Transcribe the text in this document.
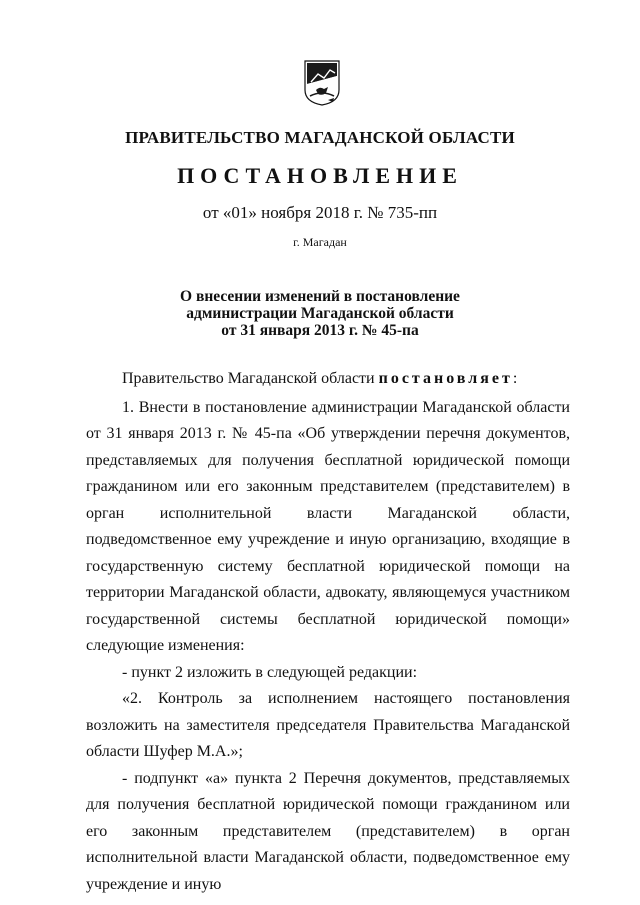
ПРАВИТЕЛЬСТВО МАГАДАНСКОЙ ОБЛАСТИ
ПОСТАНОВЛЕНИЕ
от «01» ноября 2018 г. № 735-пп
г. Магадан
О внесении изменений в постановление
администрации Магаданской области
от 31 января 2013 г. № 45-па

Правительство Магаданской области постановляет:

1. Внести в постановление администрации Магаданской области от 31 января 2013 г. № 45-па «Об утверждении перечня документов, представляемых для получения бесплатной юридической помощи гражданином или его законным представителем (представителем) в орган исполнительной власти Магаданской области, подведомственное ему учреждение и иную организацию, входящие в государственную систему бесплатной юридической помощи на территории Магаданской области, адвокату, являющемуся участником государственной системы бесплатной юридической помощи» следующие изменения:

- пункт 2 изложить в следующей редакции:

«2. Контроль за исполнением настоящего постановления возложить на заместителя председателя Правительства Магаданской области Шуфер М.А.»;

- подпункт «а» пункта 2 Перечня документов, представляемых для получения бесплатной юридической помощи гражданином или его законным представителем (представителем) в орган исполнительной власти Магаданской области, подведомственное ему учреждение и иную
